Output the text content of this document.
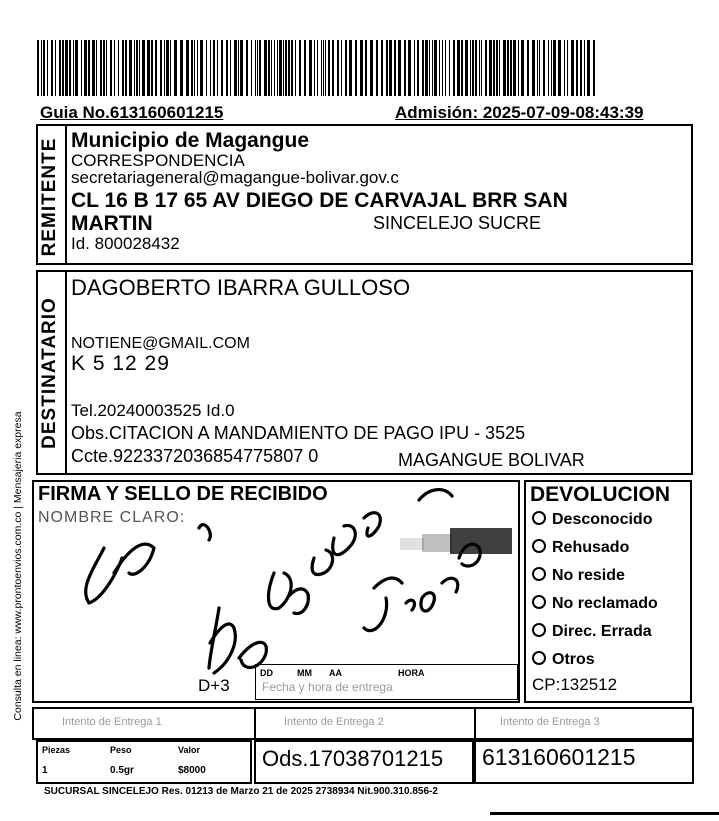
Guia No.613160601215	Admisión: 2025-07-09-08:43:39
Consulta en linea: www.prontoenvios.com.co | Mensajeria expresa
REMITENTE Municipio de Magangue
CORRESPONDENCIA
secretariageneral@magangue-bolivar.gov.c
CL 16 B 17 65 AV DIEGO DE CARVAJAL BRR SAN
MARTIN	SINCELEJO SUCRE
Id. 800028432
DESTINATARIO
DAGOBERTO IBARRA GULLOSO
NOTIENE@GMAIL.COM
K 5 12 29
Tel.20240003525 Id.0
Obs.CITACION A MANDAMIENTO DE PAGO IPU - 3525
Ccte.9223372036854775807 0	MAGANGUE BOLIVAR
FIRMA Y SELLO DE RECIBIDO
NOMBRE CLARO:
D+3
DD	MM AA	HORA
Fecha y hora de entrega
DEVOLUCION
Desconocido
Rehusado
No reside
No reclamado
Direc. Errada
Otros
CP:132512
Intento de Entrega 1	Intento de Entrega 2	Intento de Entrega 3
Piezas	Peso	Valor
1	0.5gr	$8000	Ods.17038701215 613160601215
SUCURSAL SINCELEJO Res. 01213 de Marzo 21 de 2025 2738934 Nit.900.310.856-2
